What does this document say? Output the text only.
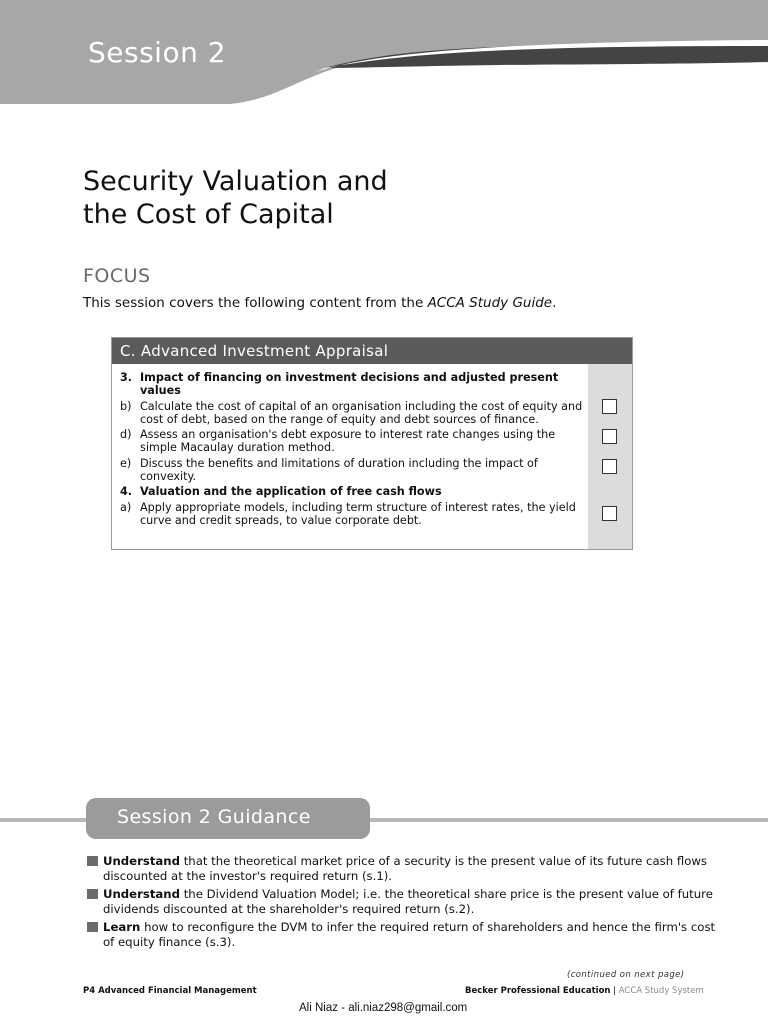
Session 2
Security Valuation and
the Cost of Capital
FOCUS
This session covers the following content from the ACCA Study Guide.
C. Advanced Investment Appraisal
3. Impact of financing on investment decisions and adjusted present values
b) Calculate the cost of capital of an organisation including the cost of equity and cost of debt, based on the range of equity and debt sources of finance.
d) Assess an organisation's debt exposure to interest rate changes using the simple Macaulay duration method.
e) Discuss the benefits and limitations of duration including the impact of convexity.
4. Valuation and the application of free cash flows
a) Apply appropriate models, including term structure of interest rates, the yield curve and credit spreads, to value corporate debt.
Session 2 Guidance
Understand that the theoretical market price of a security is the present value of its future cash flows discounted at the investor's required return (s.1).
Understand the Dividend Valuation Model; i.e. the theoretical share price is the present value of future dividends discounted at the shareholder's required return (s.2).
Learn how to reconfigure the DVM to infer the required return of shareholders and hence the firm's cost of equity finance (s.3).
(continued on next page)
P4 Advanced Financial Management	Becker Professional Education | ACCA Study System
Ali Niaz - ali.niaz298@gmail.com
